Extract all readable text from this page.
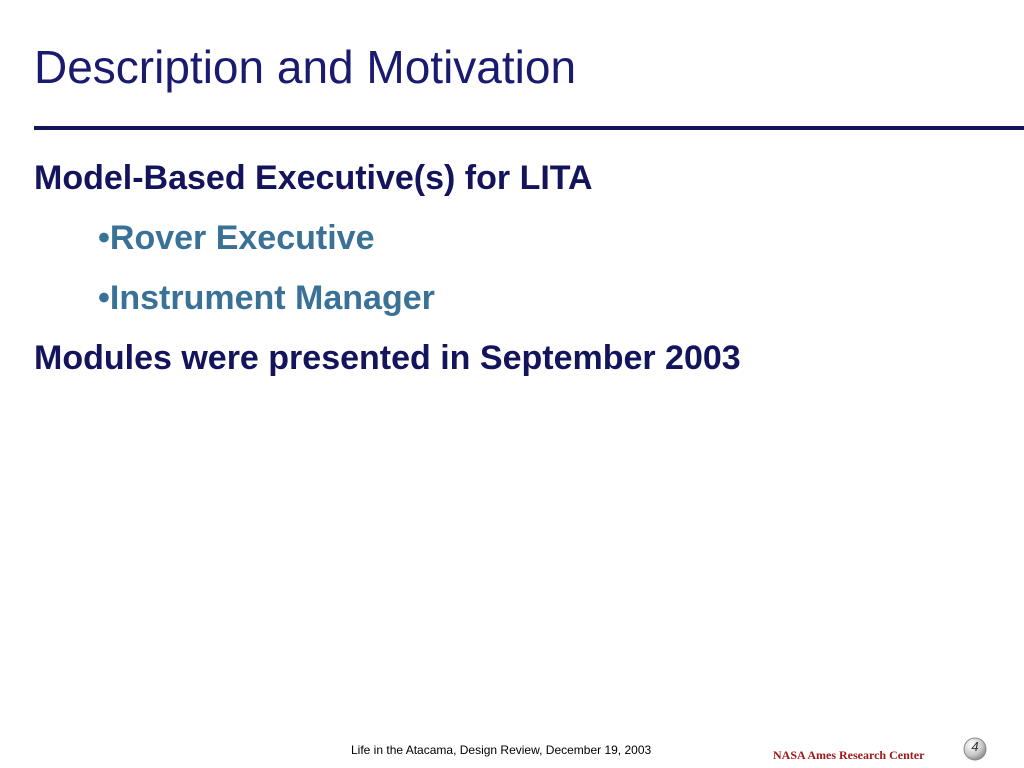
Description and Motivation

Model-Based Executive(s) for LITA

•Rover Executive

•Instrument Manager

Modules were presented in September 2003

Life in the Atacama, Design Review, December 19, 2003	NASA Ames Research Center
4
